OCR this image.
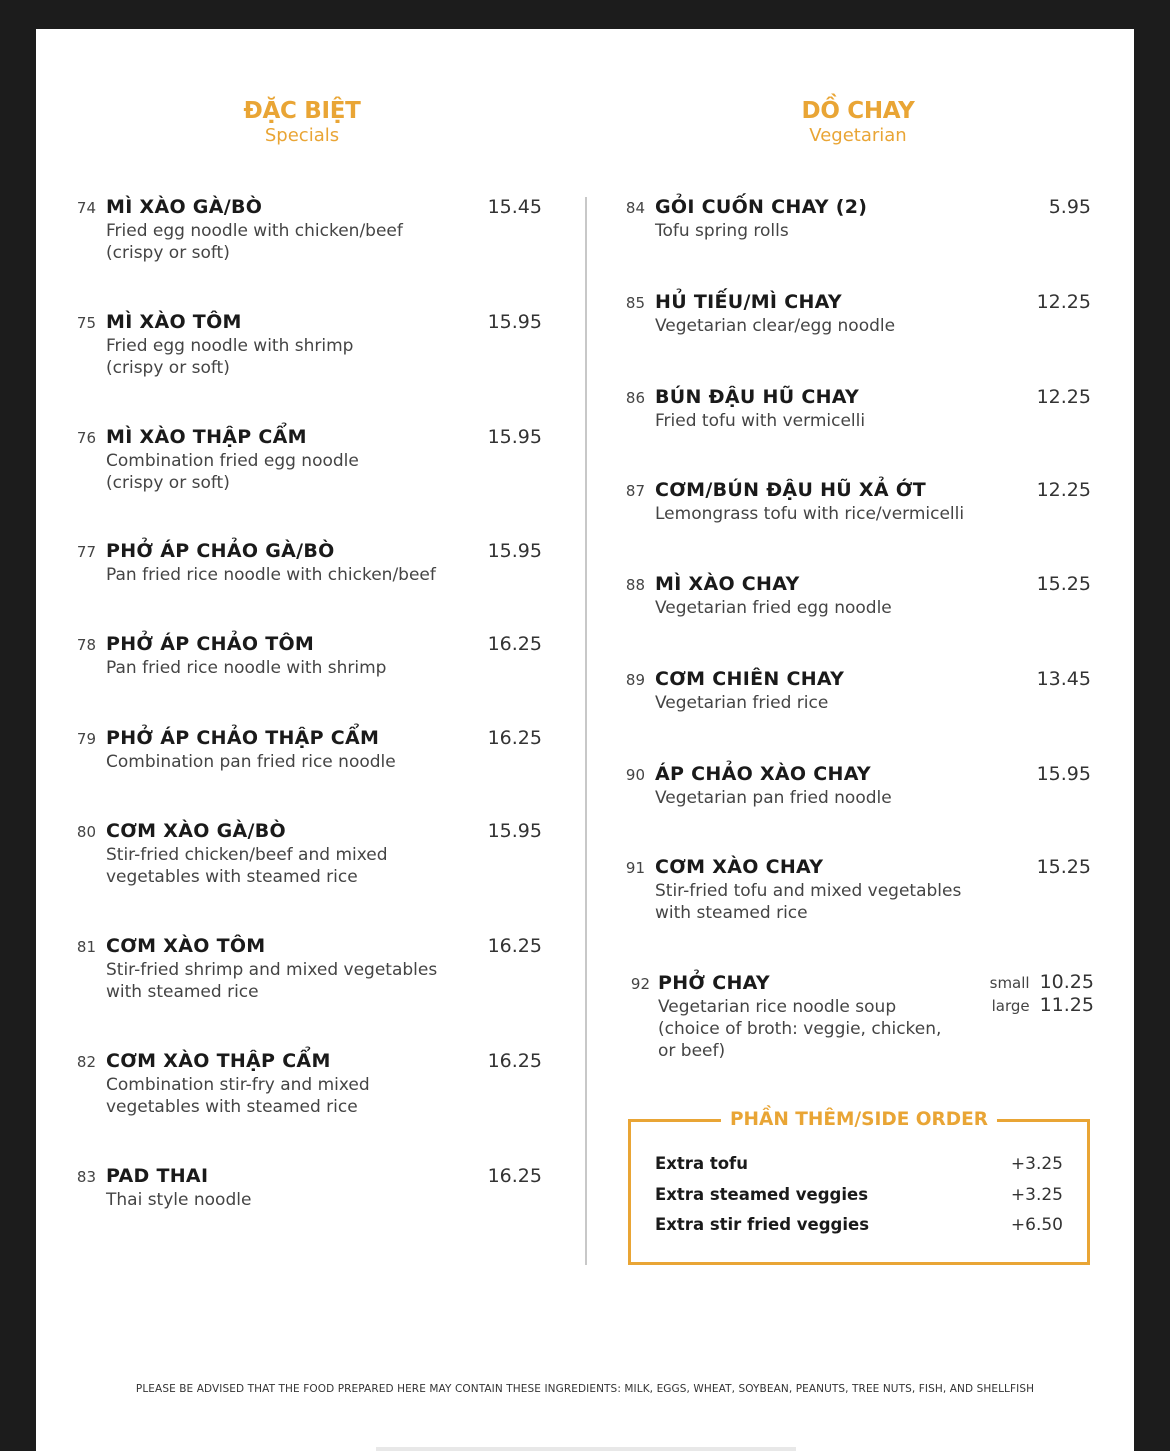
ĐẶC BIỆT
Specials
DỒ CHAY
Vegetarian
74 MÌ XÀO GÀ/BÒ
Fried egg noodle with chicken/beef
(crispy or soft)
15.45
75 MÌ XÀO TÔM
Fried egg noodle with shrimp
(crispy or soft)
15.95
76 MÌ XÀO THẬP CẨM
Combination fried egg noodle
(crispy or soft)
15.95
77 PHỞ ÁP CHẢO GÀ/BÒ
Pan fried rice noodle with chicken/beef
15.95
78 PHỞ ÁP CHẢO TÔM
Pan fried rice noodle with shrimp
16.25
79 PHỞ ÁP CHẢO THẬP CẨM
Combination pan fried rice noodle
16.25
80 CƠM XÀO GÀ/BÒ
Stir-fried chicken/beef and mixed
vegetables with steamed rice
15.95
81 CƠM XÀO TÔM
Stir-fried shrimp and mixed vegetables
with steamed rice
16.25
82 CƠM XÀO THẬP CẨM
Combination stir-fry and mixed
vegetables with steamed rice
16.25
83 PAD THAI
Thai style noodle
16.25
84 GỎI CUỐN CHAY (2)
Tofu spring rolls
5.95
85 HỦ TIẾU/MÌ CHAY
Vegetarian clear/egg noodle
12.25
86 BÚN ĐẬU HŨ CHAY
Fried tofu with vermicelli
12.25
87 CƠM/BÚN ĐẬU HŨ XẢ ỚT
Lemongrass tofu with rice/vermicelli
12.25
88 MÌ XÀO CHAY
Vegetarian fried egg noodle
15.25
89 CƠM CHIÊN CHAY
Vegetarian fried rice
13.45
90 ÁP CHẢO XÀO CHAY
Vegetarian pan fried noodle
15.95
91 CƠM XÀO CHAY
Stir-fried tofu and mixed vegetables
with steamed rice
15.25
92 PHỞ CHAY
Vegetarian rice noodle soup
(choice of broth: veggie, chicken,
or beef)
small 10.25
large 11.25
PHẦN THÊM/SIDE ORDER
Extra tofu	+3.25
Extra steamed veggies	+3.25
Extra stir fried veggies	+6.50
PLEASE BE ADVISED THAT THE FOOD PREPARED HERE MAY CONTAIN THESE INGREDIENTS: MILK, EGGS, WHEAT, SOYBEAN, PEANUTS, TREE NUTS, FISH, AND SHELLFISH
